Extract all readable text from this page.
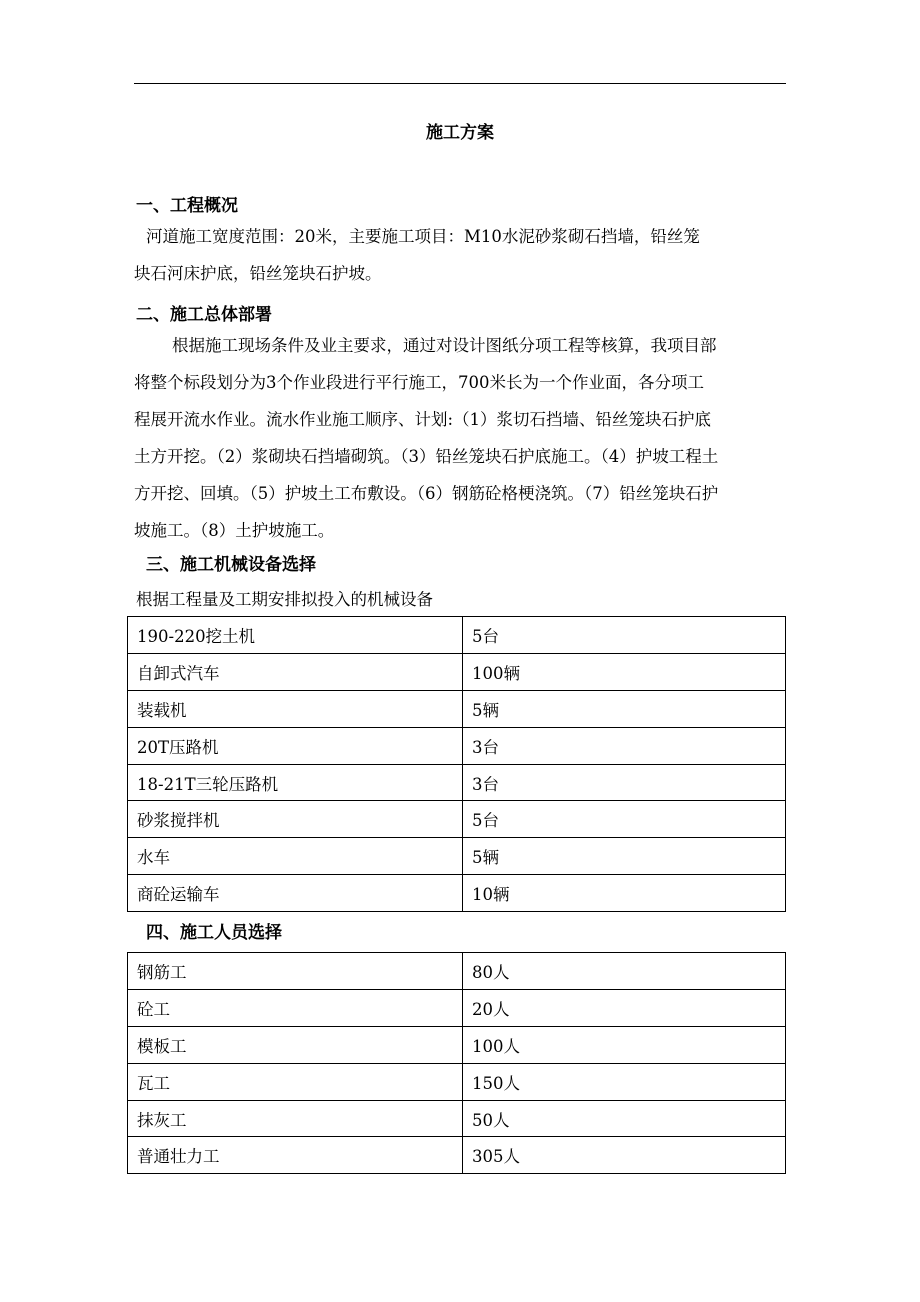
施工方案
一、工程概况
河道施工宽度范围：20米，主要施工项目：M10水泥砂浆砌石挡墙，铅丝笼
块石河床护底，铅丝笼块石护坡。
二、施工总体部署
根据施工现场条件及业主要求，通过对设计图纸分项工程等核算，我项目部
将整个标段划分为3个作业段进行平行施工，700米长为一个作业面，各分项工
程展开流水作业。流水作业施工顺序、计划:（1）浆切石挡墙、铅丝笼块石护底
土方开挖。（2）浆砌块石挡墙砌筑。（3）铅丝笼块石护底施工。（4）护坡工程土
方开挖、回填。（5）护坡土工布敷设。（6）钢筋砼格梗浇筑。（7）铅丝笼块石护
坡施工。（8）土护坡施工。
三、施工机械设备选择
根据工程量及工期安排拟投入的机械设备
190-220挖土机	5台
自卸式汽车	100辆
装载机	5辆
20T压路机	3台
18-21T三轮压路机	3台
砂浆搅拌机	5台
水车	5辆
商砼运输车	10辆
四、施工人员选择
钢筋工	80人
砼工	20人
模板工	100人
瓦工	150人
抹灰工	50人
普通壮力工	305人
